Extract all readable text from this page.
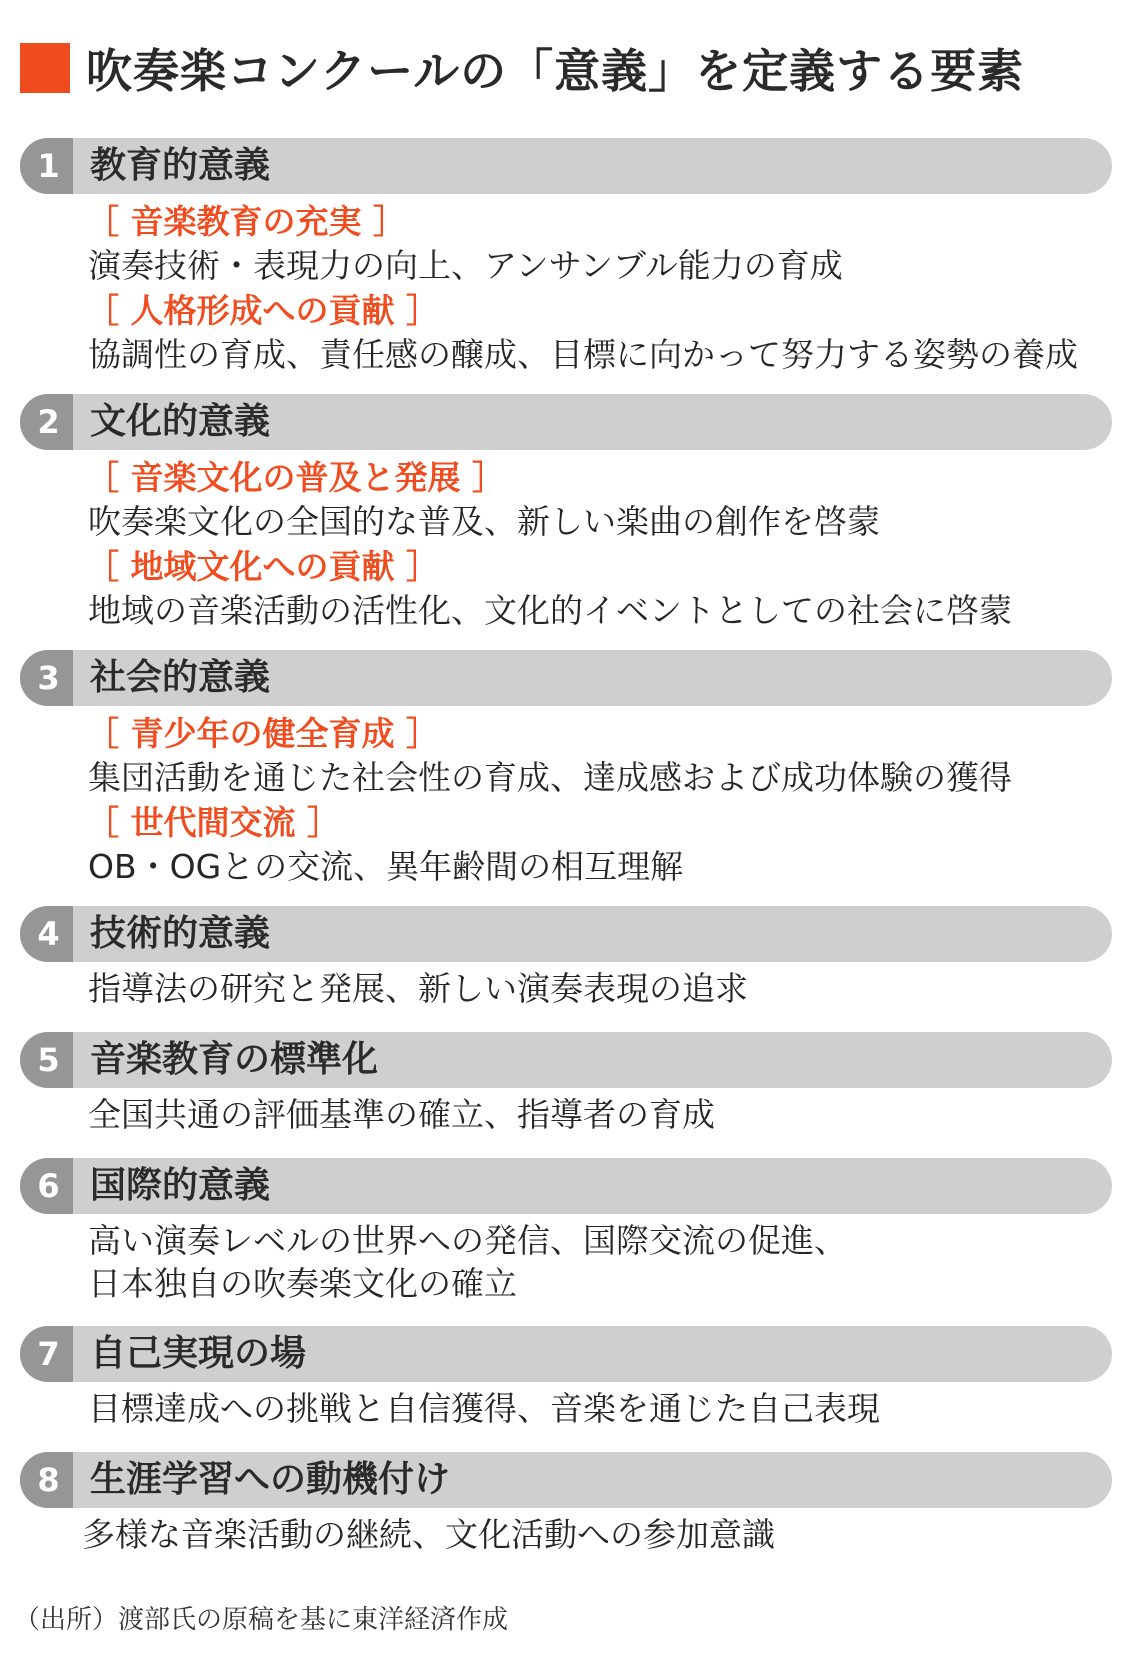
吹奏楽コンクールの「意義」を定義する要素
1 教育的意義
［ 音楽教育の充実 ］
演奏技術・表現力の向上、アンサンブル能力の育成
［ 人格形成への貢献 ］
協調性の育成、責任感の醸成、目標に向かって努力する姿勢の養成
2 文化的意義
［ 音楽文化の普及と発展 ］
吹奏楽文化の全国的な普及、新しい楽曲の創作を啓蒙
［ 地域文化への貢献 ］
地域の音楽活動の活性化、文化的イベントとしての社会に啓蒙
3 社会的意義
［ 青少年の健全育成 ］
集団活動を通じた社会性の育成、達成感および成功体験の獲得
［ 世代間交流 ］
OB・OGとの交流、異年齢間の相互理解
4 技術的意義
指導法の研究と発展、新しい演奏表現の追求
5 音楽教育の標準化
全国共通の評価基準の確立、指導者の育成
6 国際的意義
高い演奏レベルの世界への発信、国際交流の促進、
日本独自の吹奏楽文化の確立
7 自己実現の場
目標達成への挑戦と自信獲得、音楽を通じた自己表現
8 生涯学習への動機付け
多様な音楽活動の継続、文化活動への参加意識
（出所）渡部氏の原稿を基に東洋経済作成
